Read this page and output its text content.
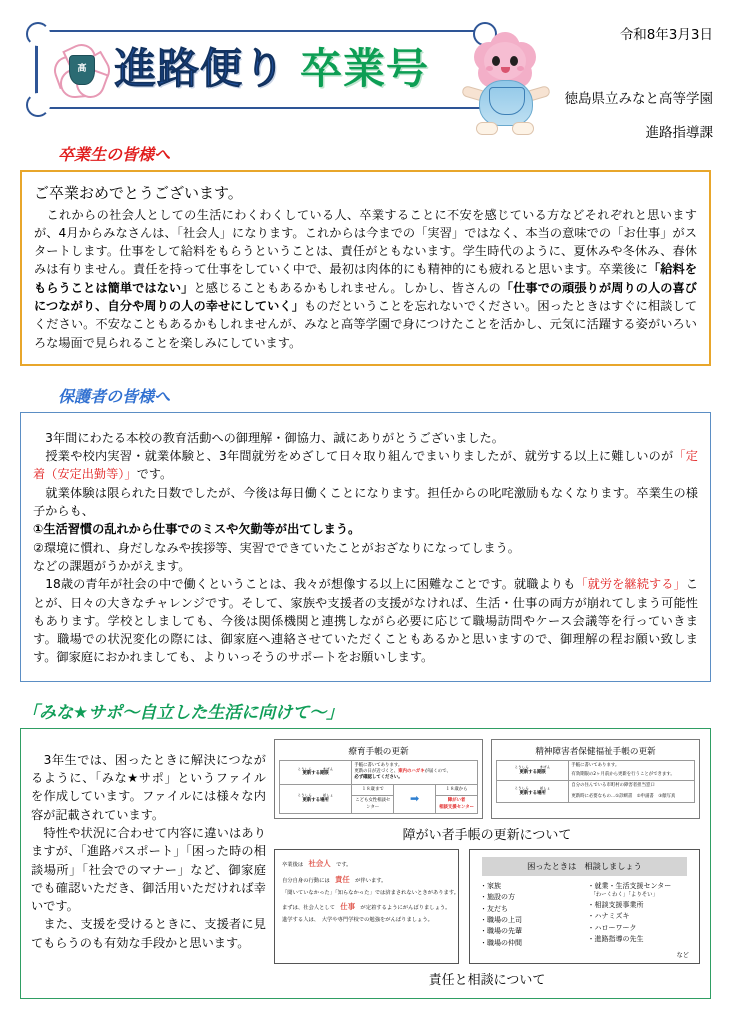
高 進路便り 卒業号
令和8年3月3日
徳島県立みなと高等学園
進路指導課
卒業生の皆様へ

ご卒業おめでとうございます。

　これからの社会人としての生活にわくわくしている人、卒業することに不安を感じている方などそれぞれと思いますが、4月からみなさんは、「社会人」になります。これからは今までの「実習」ではなく、本当の意味での「お仕事」がスタートします。仕事をして給料をもらうということは、責任がともないます。学生時代のように、夏休みや冬休み、春休みは有りません。責任を持って仕事をしていく中で、最初は肉体的にも精神的にも疲れると思います。卒業後に「給料をもらうことは簡単ではない」と感じることもあるかもしれません。しかし、皆さんの「仕事での頑張りが周りの人の喜びにつながり、自分や周りの人の幸せにしていく」ものだということを忘れないでください。困ったときはすぐに相談してください。不安なこともあるかもしれませんが、みなと高等学園で身につけたことを活かし、元気に活躍する姿がいろいろな場面で見られることを楽しみにしています。

保護者の皆様へ

　3年間にわたる本校の教育活動への御理解・御協力、誠にありがとうございました。

　授業や校内実習・就業体験と、3年間就労をめざして日々取り組んでまいりましたが、就労する以上に難しいのが「定着（安定出勤等）」です。

　就業体験は限られた日数でしたが、今後は毎日働くことになります。担任からの叱咤激励もなくなります。卒業生の様子からも、

①生活習慣の乱れから仕事でのミスや欠勤等が出てしまう。

②環境に慣れ、身だしなみや挨拶等、実習でできていたことがおざなりになってしまう。

などの課題がうかがえます。

　18歳の青年が社会の中で働くということは、我々が想像する以上に困難なことです。就職よりも「就労を継続する」ことが、日々の大きなチャレンジです。そして、家族や支援者の支援がなければ、生活・仕事の両方が崩れてしまう可能性もあります。学校としましても、今後は関係機関と連携しながら必要に応じて職場訪問やケース会議等を行っていきます。職場での状況変化の際には、御家庭へ連絡させていただくこともあるかと思いますので、御理解の程お願い致します。御家庭におかれましても、よりいっそうのサポートをお願いします。

「みな★サポ～自立した生活に向けて～」

　3年生では、困ったときに解決につながるように、「みな★サポ」というファイルを作成しています。ファイルには様々な内容が記載されています。

　特性や状況に合わせて内容に違いはありますが、「進路パスポート」「困った時の相談場所」「社会でのマナー」など、御家庭でも確認いただき、御活用いただければ幸いです。

　また、支援を受けるときに、支援者に見てもらうのも有効な手段かと思います。

療育手帳の更新
こうしん　　　きげん
更新する期限	
手帳に書いてあります。
更新の日が近づくと、案内のハガキが届くので、
必ず確認してください。

こうしん　　　ばしょ
更新する場所	１８歳まで	➡	１８歳から
	こども女性相談センター		障がい者
相談支援センター
精神障害者保健福祉手帳の更新
こうしん　　　きげん
更新する期限	
手帳に書いてあります。
有効期限の2ヶ月前から更新を行うことができます。

こうしん　　　ばしょ
更新する場所	
自分の住んでいる市町村の障害者担当窓口
更新時に必要なもの…①診断書　②申請書　③顔写真
障がい者手帳の更新について
卒業後は　 社会人　 です。
自分自身の行動には　 責任　 が伴います。
「聞いていなかった」「知らなかった」では済まされないときがあります。
まずは、社会人として　 仕事　 が定着するようにがんばりましょう。
進学する人は、　大学や専門学校での勉強をがんばりましょう。
困ったときは　相談しましょう
・家族
・施設の方
・友だち
・職場の上司
・職場の先輩
・職場の仲間
・就業・生活支援センター
「わーくわく」「よりそい」
・相談支援事業所
・ハナミズキ
・ハローワーク
・進路指導の先生
など
責任と相談について
